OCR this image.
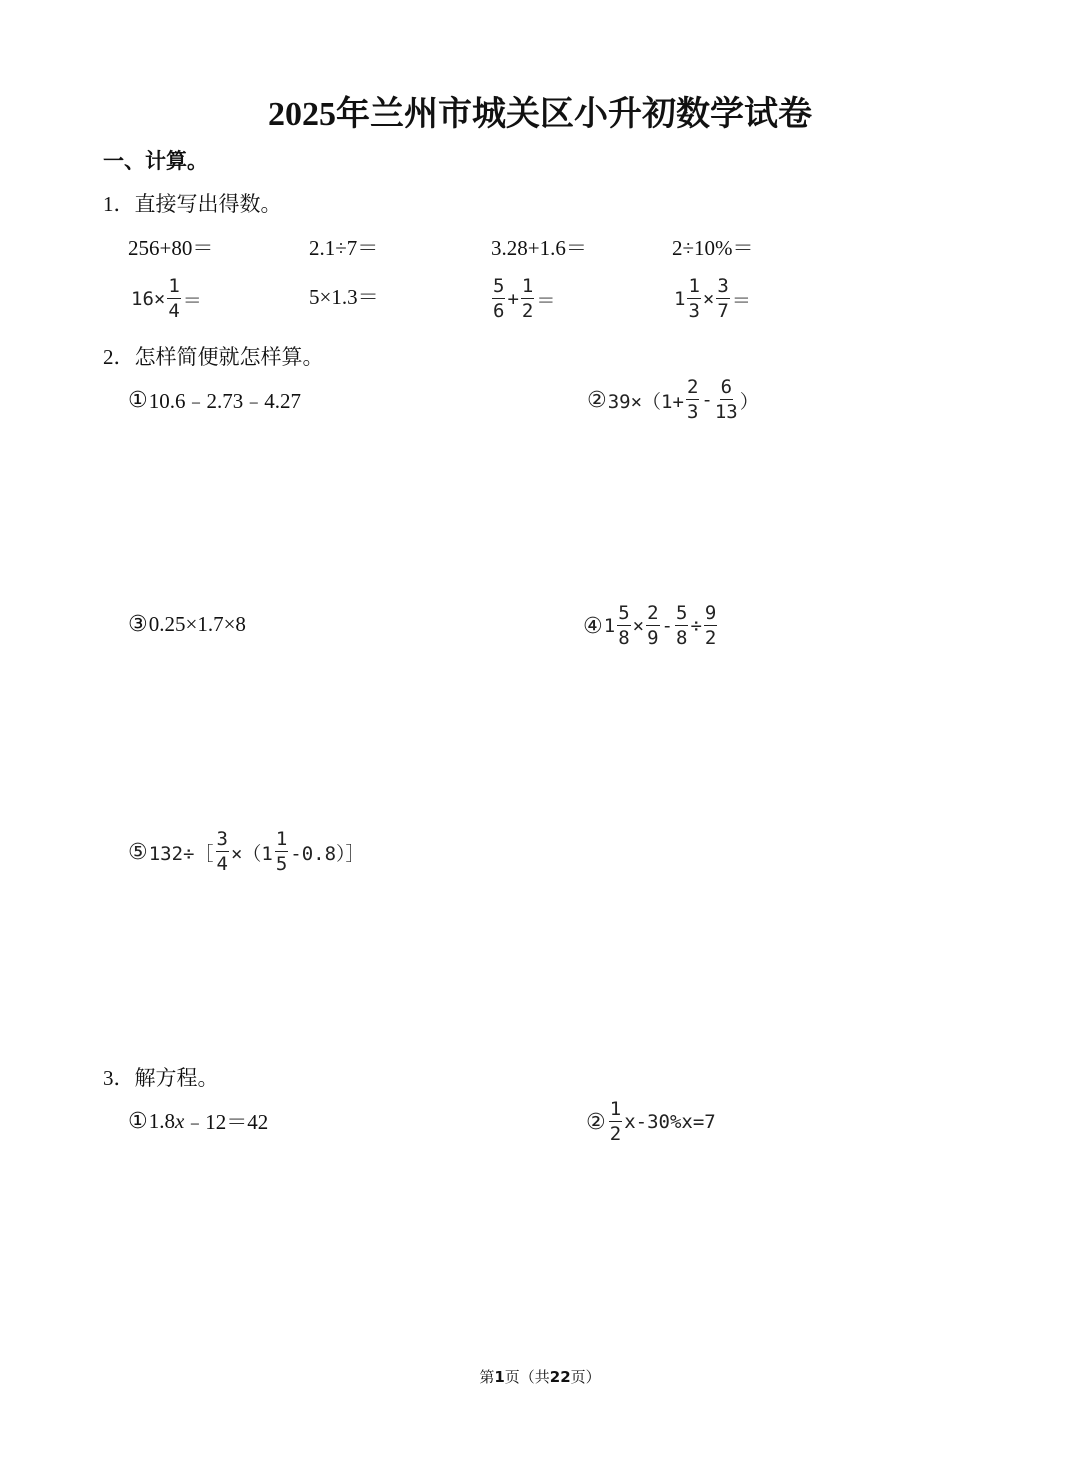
2025年兰州市城关区小升初数学试卷
一、计算。
1．直接写出得数。
256+80＝	2.1÷7＝	3.28+1.6＝	2÷10%＝
$16\times \frac{1}{4}$ ＝	5×1.3＝	$\frac{5}{6} + \frac{1}{2}$ ＝	$1 \frac{1}{3} \times \frac{3}{7}$ ＝
2．怎样简便就怎样算。
① 10.6﹣2.73﹣4.27	② $39\times(1+ \frac{2}{3} - \frac{6}{13}$ ）
③ 0.25×1.7×8	④ $1 \frac{5}{8} \times \frac{2}{9} - \frac{5}{8} \div \frac{9}{2}$
⑤ 132÷［ $\frac{3}{4} \times(1 \frac{1}{5}$ -0.8）］
3．解方程。
① 1.8 x ﹣12＝42	② $\frac{1}{2} x-30\%x=7$
第1页（共22页）
